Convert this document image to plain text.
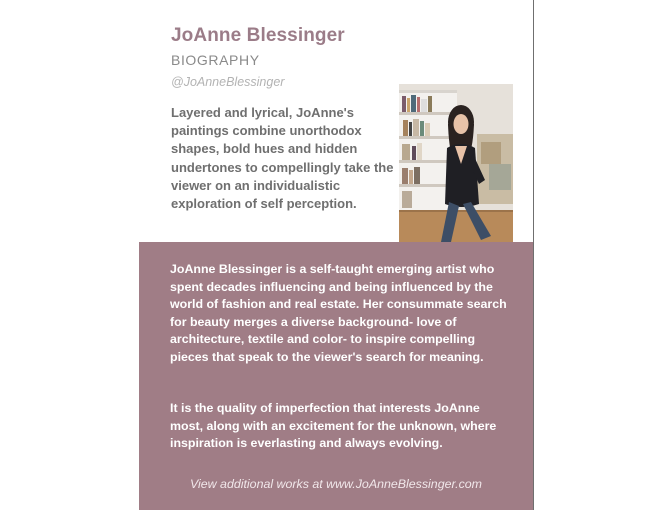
JoAnne Blessinger
BIOGRAPHY
@JoAnneBlessinger
Layered and lyrical, JoAnne's paintings combine unorthodox shapes, bold hues and hidden undertones to compellingly take the viewer on an individualistic exploration of self perception.
JoAnne Blessinger is a self-taught emerging artist who spent decades influencing and being influenced by the world of fashion and real estate. Her consummate search for beauty merges a diverse background- love of architecture, textile and color- to inspire compelling pieces that speak to the viewer's search for meaning.
It is the quality of imperfection that interests JoAnne most, along with an excitement for the unknown, where inspiration is everlasting and always evolving.
View additional works at www.JoAnneBlessinger.com
